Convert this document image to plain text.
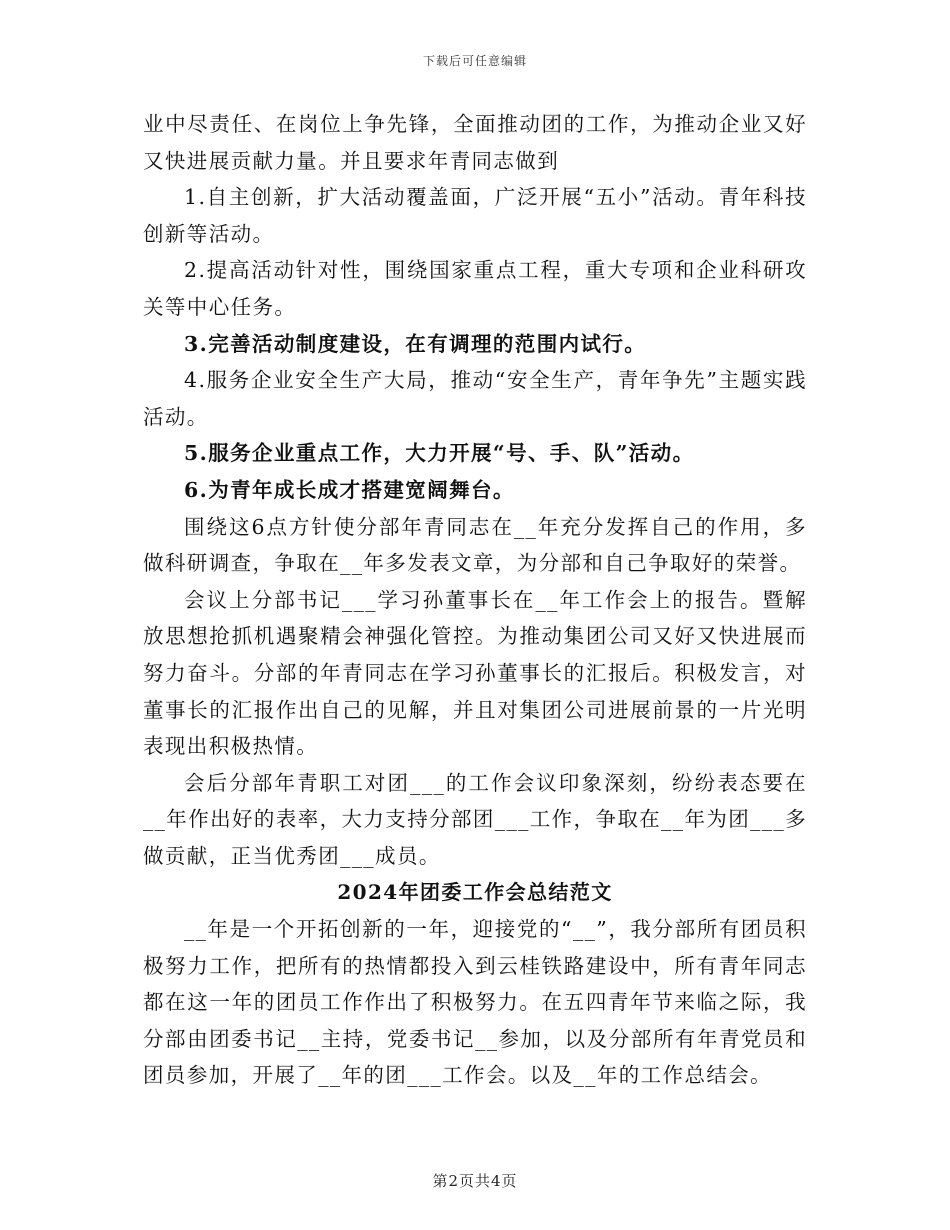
下载后可任意编辑

业中尽责任、在岗位上争先锋，全面推动团的工作，为推动企业又好又快进展贡献力量。并且要求年青同志做到

1.自主创新，扩大活动覆盖面，广泛开展“五小”活动。青年科技创新等活动。

2.提高活动针对性，围绕国家重点工程，重大专项和企业科研攻关等中心任务。

3.完善活动制度建设，在有调理的范围内试行。

4.服务企业安全生产大局，推动“安全生产，青年争先”主题实践活动。

5.服务企业重点工作，大力开展“号、手、队”活动。

6.为青年成长成才搭建宽阔舞台。

围绕这6点方针使分部年青同志在__年充分发挥自己的作用，多做科研调查，争取在__年多发表文章，为分部和自己争取好的荣誉。

会议上分部书记___学习孙董事长在__年工作会上的报告。暨解放思想抢抓机遇聚精会神强化管控。为推动集团公司又好又快进展而努力奋斗。分部的年青同志在学习孙董事长的汇报后。积极发言，对董事长的汇报作出自己的见解，并且对集团公司进展前景的一片光明表现出积极热情。

会后分部年青职工对团___的工作会议印象深刻，纷纷表态要在__年作出好的表率，大力支持分部团___工作，争取在__年为团___多做贡献，正当优秀团___成员。

2024年团委工作会总结范文

__年是一个开拓创新的一年，迎接党的“__”，我分部所有团员积极努力工作，把所有的热情都投入到云桂铁路建设中，所有青年同志都在这一年的团员工作作出了积极努力。在五四青年节来临之际，我分部由团委书记__主持，党委书记__参加，以及分部所有年青党员和团员参加，开展了__年的团___工作会。以及__年的工作总结会。

第2页共4页
